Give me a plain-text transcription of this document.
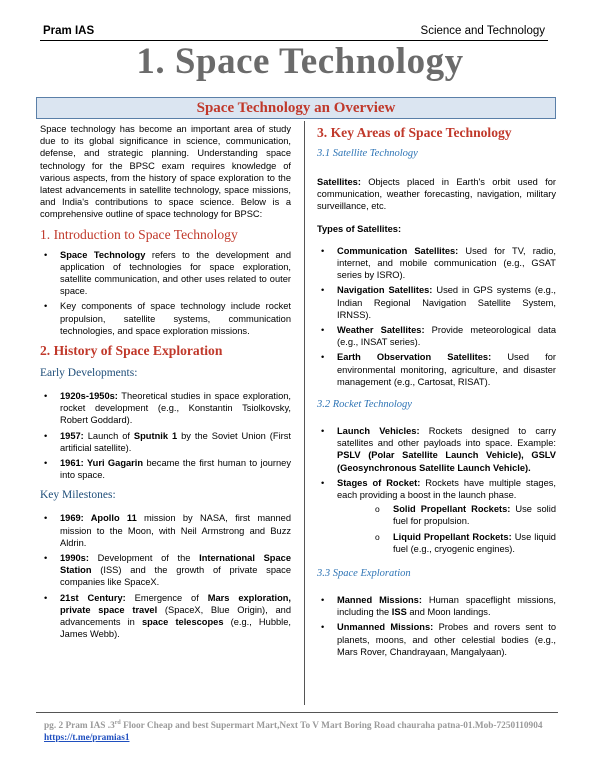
Pram IAS	Science and Technology
1. Space Technology
Space Technology an Overview

Space technology has become an important area of study due to its global significance in science, communication, defense, and strategic planning. Understanding space technology for the BPSC exam requires knowledge of various aspects, from the history of space exploration to the latest advancements in satellite technology, space missions, and India's contributions to space science. Below is a comprehensive outline of space technology for BPSC:

1. Introduction to Space Technology
• Space Technology refers to the development and application of technologies for space exploration, satellite communication, and other uses related to outer space.
• Key components of space technology include rocket propulsion, satellite systems, communication technologies, and space exploration missions.
2. History of Space Exploration
Early Developments:
• 1920s-1950s: Theoretical studies in space exploration, rocket development (e.g., Konstantin Tsiolkovsky, Robert Goddard).
• 1957: Launch of Sputnik 1 by the Soviet Union (First artificial satellite).
• 1961: Yuri Gagarin became the first human to journey into space.
Key Milestones:
• 1969: Apollo 11 mission by NASA, first manned mission to the Moon, with Neil Armstrong and Buzz Aldrin.
• 1990s: Development of the International Space Station (ISS) and the growth of private space companies like SpaceX.
• 21st Century: Emergence of Mars exploration, private space travel (SpaceX, Blue Origin), and advancements in space telescopes (e.g., Hubble, James Webb).
3. Key Areas of Space Technology
3.1 Satellite Technology

Satellites: Objects placed in Earth's orbit used for communication, weather forecasting, navigation, military surveillance, etc.

Types of Satellites:
• Communication Satellites: Used for TV, radio, internet, and mobile communication (e.g., GSAT series by ISRO).
• Navigation Satellites: Used in GPS systems (e.g., Indian Regional Navigation Satellite System, IRNSS).
• Weather Satellites: Provide meteorological data (e.g., INSAT series).
• Earth Observation Satellites: Used for environmental monitoring, agriculture, and disaster management (e.g., Cartosat, RISAT).
3.2 Rocket Technology
• Launch Vehicles: Rockets designed to carry satellites and other payloads into space. Example: PSLV (Polar Satellite Launch Vehicle), GSLV (Geosynchronous Satellite Launch Vehicle).
• Stages of Rocket: Rockets have multiple stages, each providing a boost in the launch phase.
o Solid Propellant Rockets: Use solid fuel for propulsion.
o Liquid Propellant Rockets: Use liquid fuel (e.g., cryogenic engines).
3.3 Space Exploration
• Manned Missions: Human spaceflight missions, including the ISS and Moon landings.
• Unmanned Missions: Probes and rovers sent to planets, moons, and other celestial bodies (e.g., Mars Rover, Chandrayaan, Mangalyaan).
pg. 2 Pram IAS .3rd Floor Cheap and best Supermart Mart,Next To V Mart Boring Road chauraha patna-01.Mob-7250110904 https://t.me/pramias1
